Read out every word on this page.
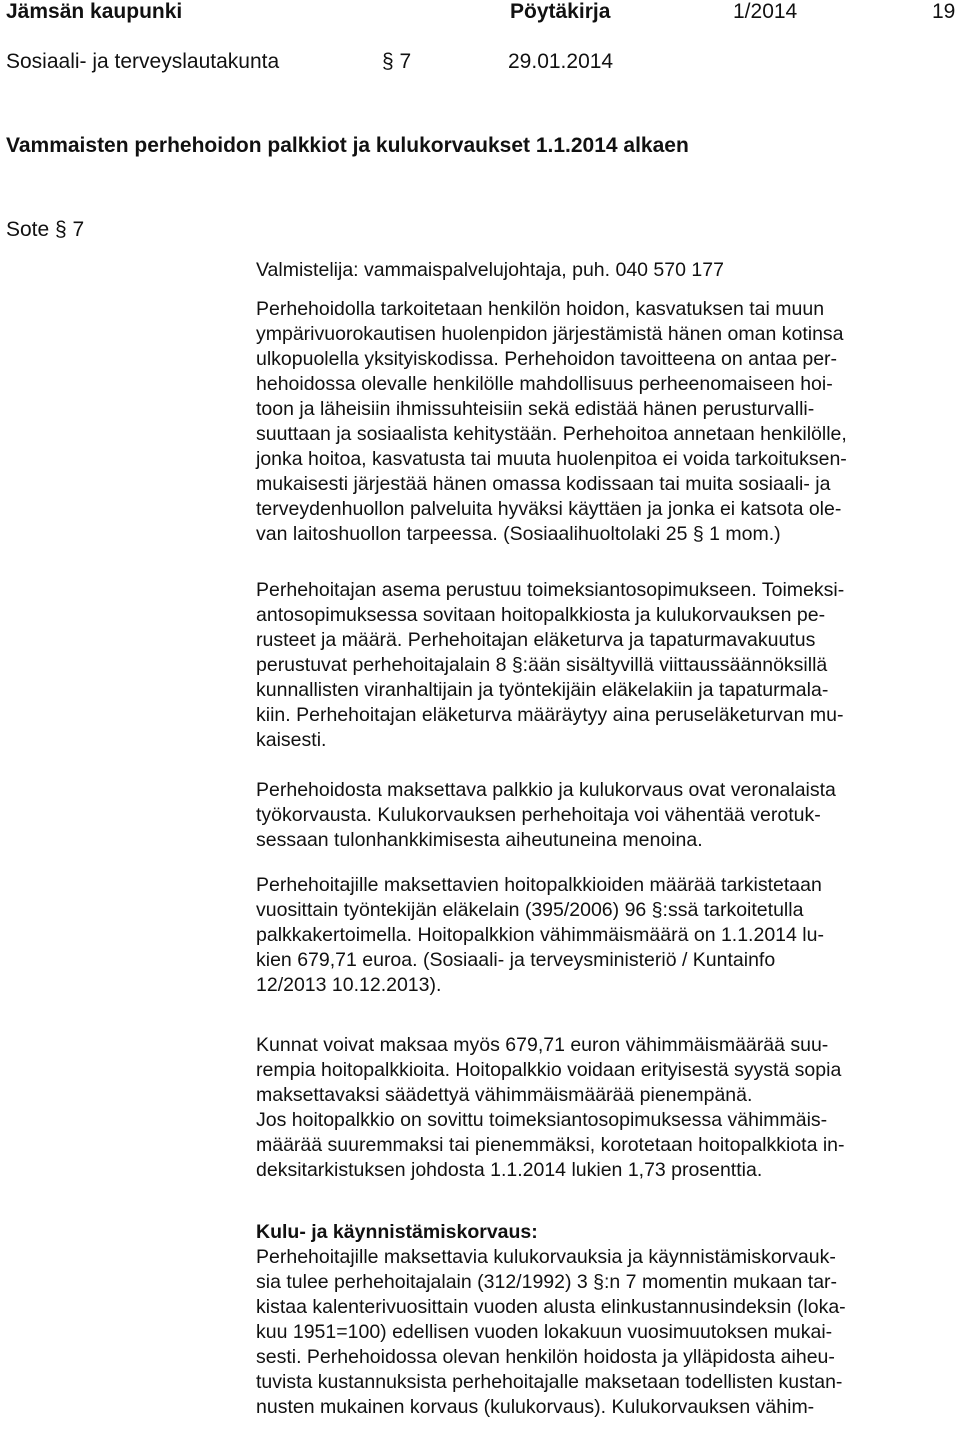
Jämsän kaupunki	Pöytäkirja	1/2014	19
Sosiaali- ja terveyslautakunta	§ 7	29.01.2014
Vammaisten perhehoidon palkkiot ja kulukorvaukset 1.1.2014 alkaen
Sote § 7
Valmistelija: vammaispalvelujohtaja, puh. 040 570 177
Perhehoidolla tarkoitetaan henkilön hoidon, kasvatuksen tai muun
ympärivuorokautisen huolenpidon järjestämistä hänen oman kotinsa
ulkopuolella yksityiskodissa. Perhehoidon tavoitteena on antaa per-
hehoidossa olevalle henkilölle mahdollisuus perheenomaiseen hoi-
toon ja läheisiin ihmissuhteisiin sekä edistää hänen perusturvalli-
suuttaan ja sosiaalista kehitystään. Perhehoitoa annetaan henkilölle,
jonka hoitoa, kasvatusta tai muuta huolenpitoa ei voida tarkoituksen-
mukaisesti järjestää hänen omassa kodissaan tai muita sosiaali- ja
terveydenhuollon palveluita hyväksi käyttäen ja jonka ei katsota ole-
van laitoshuollon tarpeessa. (Sosiaalihuoltolaki 25 § 1 mom.)
Perhehoitajan asema perustuu toimeksiantosopimukseen. Toimeksi-
antosopimuksessa sovitaan hoitopalkkiosta ja kulukorvauksen pe-
rusteet ja määrä. Perhehoitajan eläketurva ja tapaturmavakuutus
perustuvat perhehoitajalain 8 §:ään sisältyvillä viittaussäännöksillä
kunnallisten viranhaltijain ja työntekijäin eläkelakiin ja tapaturmala-
kiin. Perhehoitajan eläketurva määräytyy aina peruseläketurvan mu-
kaisesti.
Perhehoidosta maksettava palkkio ja kulukorvaus ovat veronalaista
työkorvausta. Kulukorvauksen perhehoitaja voi vähentää verotuk-
sessaan tulonhankkimisesta aiheutuneina menoina.
Perhehoitajille maksettavien hoitopalkkioiden määrää tarkistetaan
vuosittain työntekijän eläkelain (395/2006) 96 §:ssä tarkoitetulla
palkkakertoimella. Hoitopalkkion vähimmäismäärä on 1.1.2014 lu-
kien 679,71 euroa. (Sosiaali- ja terveysministeriö / Kuntainfo
12/2013 10.12.2013).
Kunnat voivat maksaa myös 679,71 euron vähimmäismäärää suu-
rempia hoitopalkkioita. Hoitopalkkio voidaan erityisestä syystä sopia
maksettavaksi säädettyä vähimmäismäärää pienempänä.
Jos hoitopalkkio on sovittu toimeksiantosopimuksessa vähimmäis-
määrää suuremmaksi tai pienemmäksi, korotetaan hoitopalkkiota in-
deksitarkistuksen johdosta 1.1.2014 lukien 1,73 prosenttia.
Kulu- ja käynnistämiskorvaus:
Perhehoitajille maksettavia kulukorvauksia ja käynnistämiskorvauk-
sia tulee perhehoitajalain (312/1992) 3 §:n 7 momentin mukaan tar-
kistaa kalenterivuosittain vuoden alusta elinkustannusindeksin (loka-
kuu 1951=100) edellisen vuoden lokakuun vuosimuutoksen mukai-
sesti. Perhehoidossa olevan henkilön hoidosta ja ylläpidosta aiheu-
tuvista kustannuksista perhehoitajalle maksetaan todellisten kustan-
nusten mukainen korvaus (kulukorvaus). Kulukorvauksen vähim-
